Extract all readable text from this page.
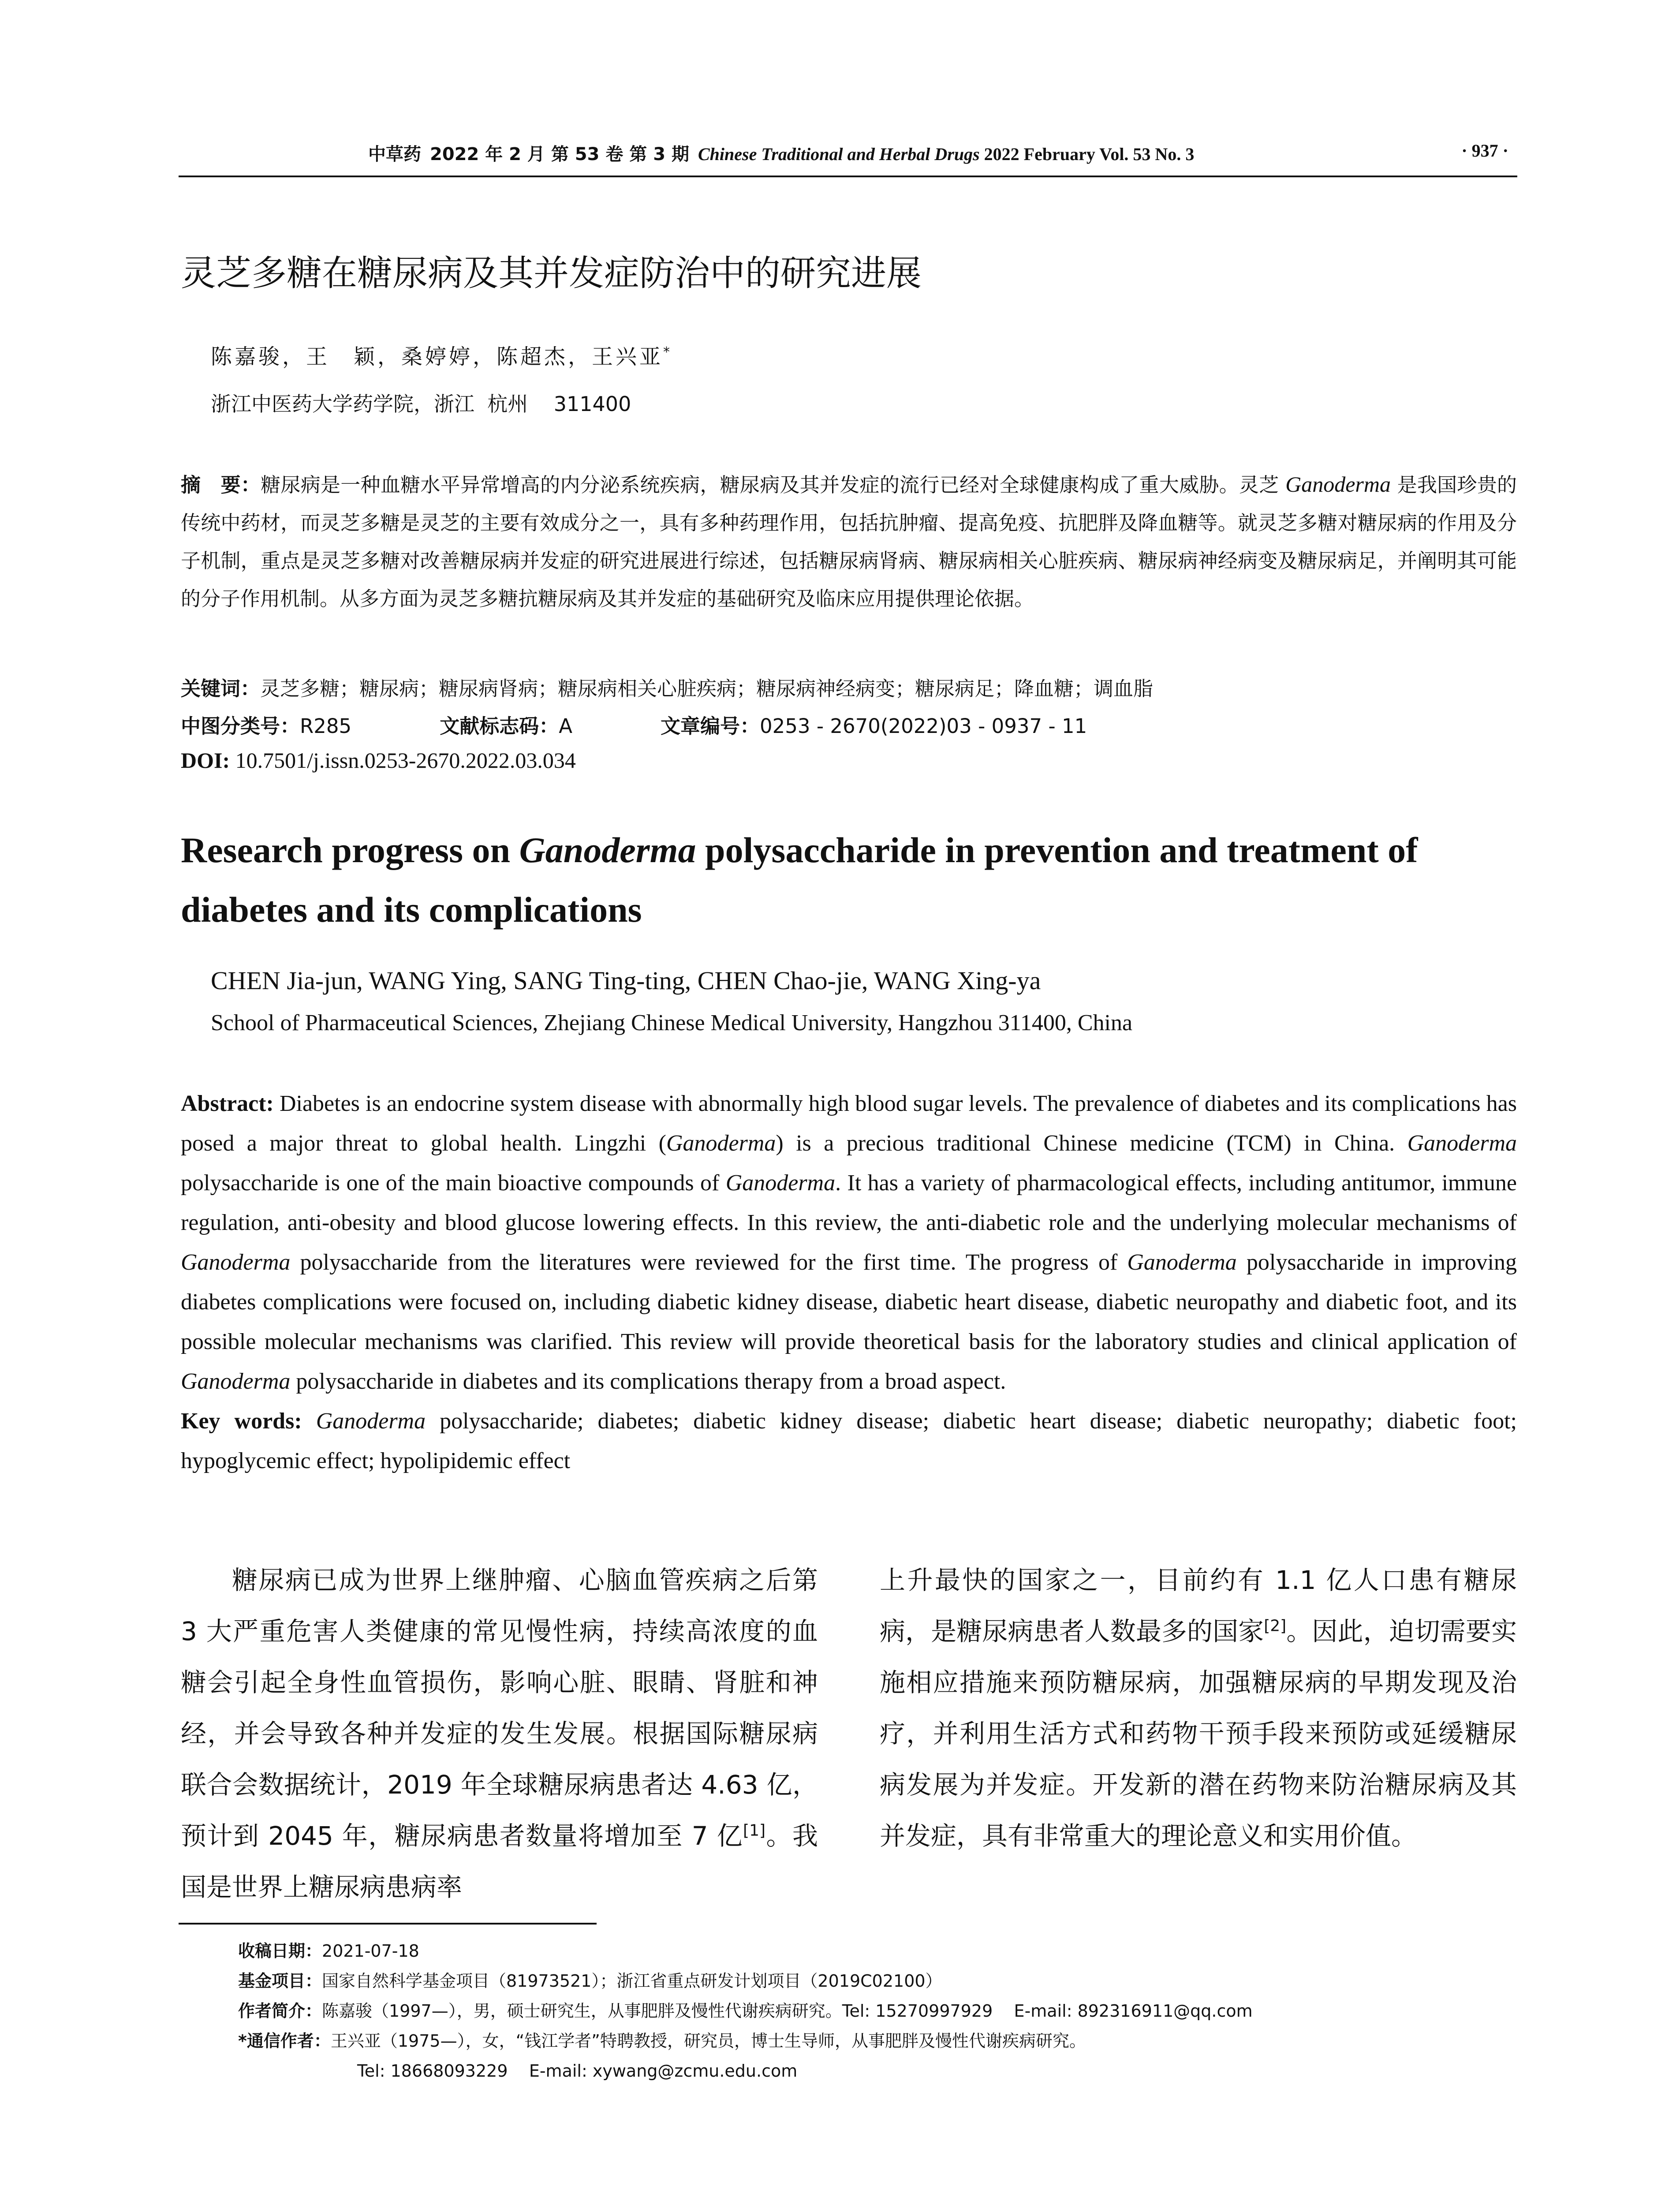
中草药 2022 年 2 月 第 53 卷 第 3 期 Chinese Traditional and Herbal Drugs 2022 February Vol. 53 No. 3	· 937 ·
灵芝多糖在糖尿病及其并发症防治中的研究进展
陈嘉骏，王　颖，桑婷婷，陈超杰，王兴亚*
浙江中医药大学药学院，浙江  杭州    311400
摘　要：糖尿病是一种血糖水平异常增高的内分泌系统疾病，糖尿病及其并发症的流行已经对全球健康构成了重大威胁。灵芝 Ganoderma 是我国珍贵的传统中药材，而灵芝多糖是灵芝的主要有效成分之一，具有多种药理作用，包括抗肿瘤、提高免疫、抗肥胖及降血糖等。就灵芝多糖对糖尿病的作用及分子机制，重点是灵芝多糖对改善糖尿病并发症的研究进展进行综述，包括糖尿病肾病、糖尿病相关心脏疾病、糖尿病神经病变及糖尿病足，并阐明其可能的分子作用机制。从多方面为灵芝多糖抗糖尿病及其并发症的基础研究及临床应用提供理论依据。
关键词：灵芝多糖；糖尿病；糖尿病肾病；糖尿病相关心脏疾病；糖尿病神经病变；糖尿病足；降血糖；调血脂
中图分类号：R285	文献标志码：A	文章编号：0253 - 2670(2022)03 - 0937 - 11
DOI: 10.7501/j.issn.0253-2670.2022.03.034
Research progress on Ganoderma polysaccharide in prevention and treatment of diabetes and its complications
CHEN Jia-jun, WANG Ying, SANG Ting-ting, CHEN Chao-jie, WANG Xing-ya
School of Pharmaceutical Sciences, Zhejiang Chinese Medical University, Hangzhou 311400, China
Abstract: Diabetes is an endocrine system disease with abnormally high blood sugar levels. The prevalence of diabetes and its complications has posed a major threat to global health. Lingzhi (Ganoderma) is a precious traditional Chinese medicine (TCM) in China. Ganoderma polysaccharide is one of the main bioactive compounds of Ganoderma. It has a variety of pharmacological effects, including antitumor, immune regulation, anti-obesity and blood glucose lowering effects. In this review, the anti-diabetic role and the underlying molecular mechanisms of Ganoderma polysaccharide from the literatures were reviewed for the first time. The progress of Ganoderma polysaccharide in improving diabetes complications were focused on, including diabetic kidney disease, diabetic heart disease, diabetic neuropathy and diabetic foot, and its possible molecular mechanisms was clarified. This review will provide theoretical basis for the laboratory studies and clinical application of Ganoderma polysaccharide in diabetes and its complications therapy from a broad aspect.
Key words: Ganoderma polysaccharide; diabetes; diabetic kidney disease; diabetic heart disease; diabetic neuropathy; diabetic foot; hypoglycemic effect; hypolipidemic effect
糖尿病已成为世界上继肿瘤、心脑血管疾病之后第 3 大严重危害人类健康的常见慢性病，持续高浓度的血糖会引起全身性血管损伤，影响心脏、眼睛、肾脏和神经，并会导致各种并发症的发生发展。根据国际糖尿病联合会数据统计，2019 年全球糖尿病患者达 4.63 亿，预计到 2045 年，糖尿病患者数量将增加至 7 亿[1]。我国是世界上糖尿病患病率
上升最快的国家之一，目前约有 1.1 亿人口患有糖尿病，是糖尿病患者人数最多的国家[2]。因此，迫切需要实施相应措施来预防糖尿病，加强糖尿病的早期发现及治疗，并利用生活方式和药物干预手段来预防或延缓糖尿病发展为并发症。开发新的潜在药物来防治糖尿病及其并发症，具有非常重大的理论意义和实用价值。
收稿日期：2021-07-18
基金项目：国家自然科学基金项目（81973521）；浙江省重点研发计划项目（2019C02100）
作者简介：陈嘉骏（1997—），男，硕士研究生，从事肥胖及慢性代谢疾病研究。Tel: 15270997929    E-mail: 892316911@qq.com
*通信作者：王兴亚（1975—），女，“钱江学者”特聘教授，研究员，博士生导师，从事肥胖及慢性代谢疾病研究。
Tel: 18668093229    E-mail: xywang@zcmu.edu.com
